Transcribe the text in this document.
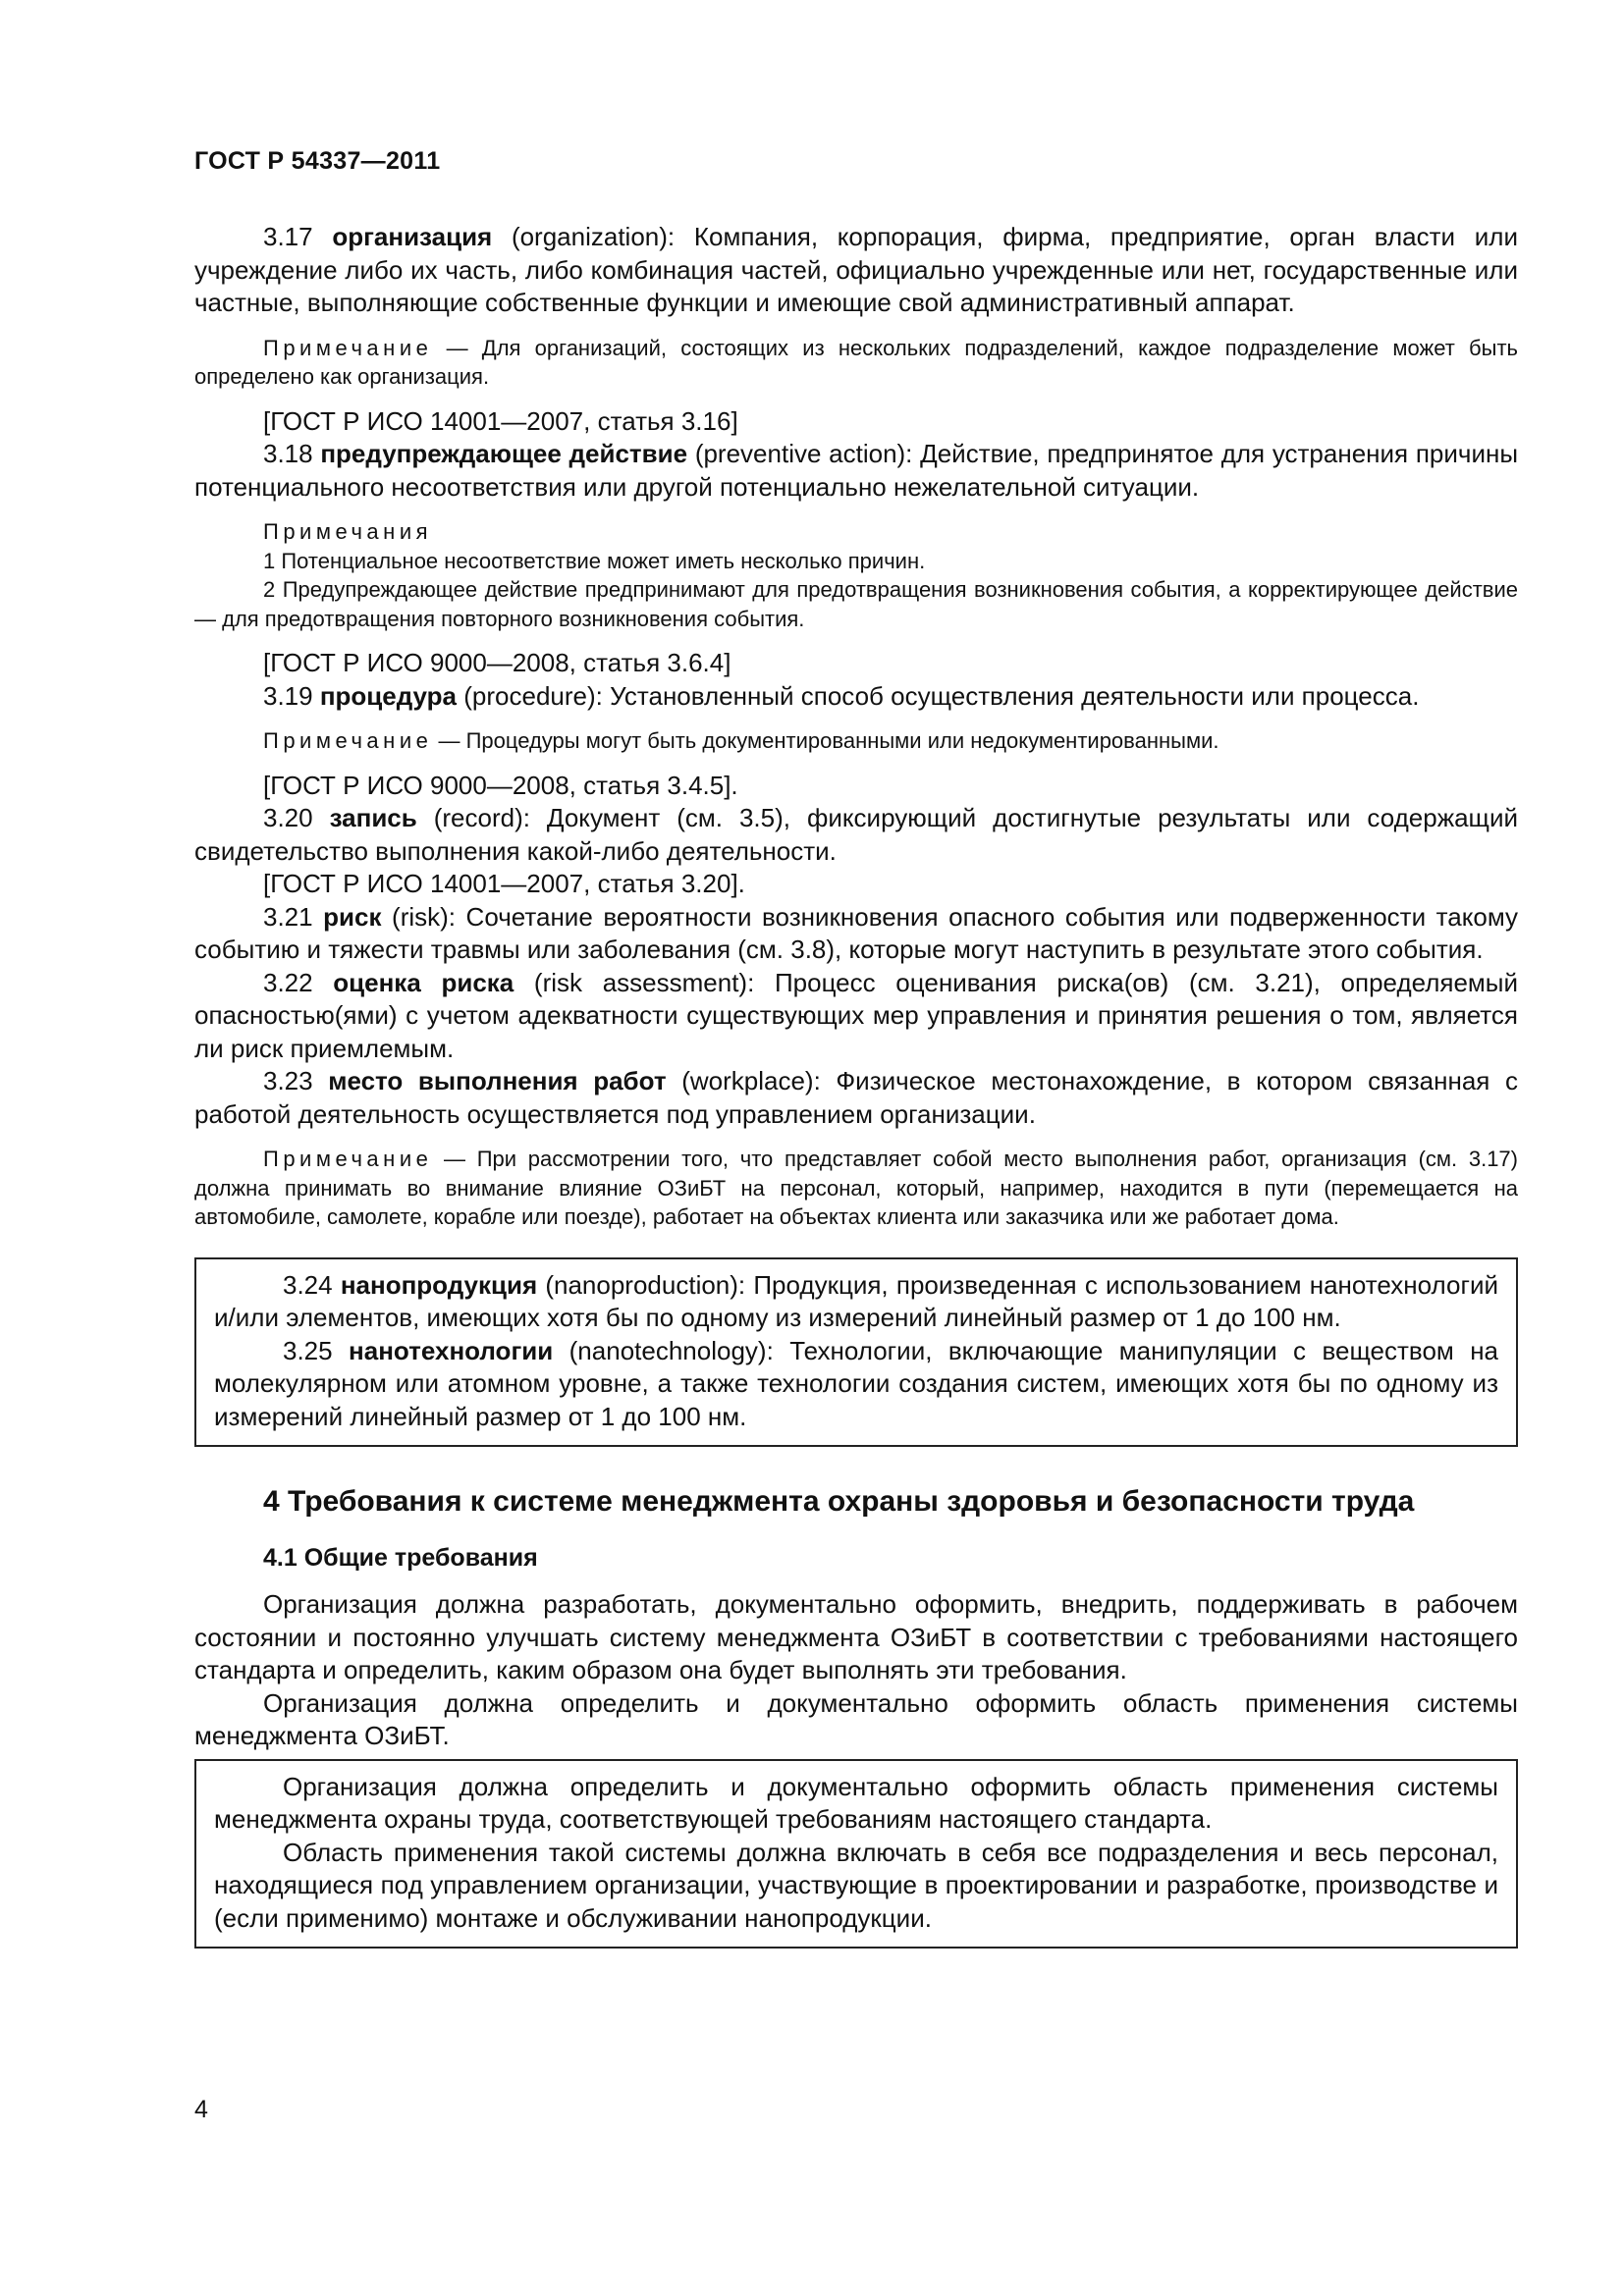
ГОСТ Р 54337—2011

3.17 организация (organization): Компания, корпорация, фирма, предприятие, орган власти или учреждение либо их часть, либо комбинация частей, официально учрежденные или нет, государственные или частные, выполняющие собственные функции и имеющие свой административный аппарат.

Примечание — Для организаций, состоящих из нескольких подразделений, каждое подразделение может быть определено как организация.

[ГОСТ Р ИСО 14001—2007, статья 3.16]

3.18 предупреждающее действие (preventive action): Действие, предпринятое для устранения причины потенциального несоответствия или другой потенциально нежелательной ситуации.

Примечания

1 Потенциальное несоответствие может иметь несколько причин.

2 Предупреждающее действие предпринимают для предотвращения возникновения события, а корректирующее действие — для предотвращения повторного возникновения события.

[ГОСТ Р ИСО 9000—2008, статья 3.6.4]

3.19 процедура (procedure): Установленный способ осуществления деятельности или процесса.

Примечание — Процедуры могут быть документированными или недокументированными.

[ГОСТ Р ИСО 9000—2008, статья 3.4.5].

3.20 запись (record): Документ (см. 3.5), фиксирующий достигнутые результаты или содержащий свидетельство выполнения какой-либо деятельности.

[ГОСТ Р ИСО 14001—2007, статья 3.20].

3.21 риск (risk): Сочетание вероятности возникновения опасного события или подверженности такому событию и тяжести травмы или заболевания (см. 3.8), которые могут наступить в результате этого события.

3.22 оценка риска (risk assessment): Процесс оценивания риска(ов) (см. 3.21), определяемый опасностью(ями) с учетом адекватности существующих мер управления и принятия решения о том, является ли риск приемлемым.

3.23 место выполнения работ (workplace): Физическое местонахождение, в котором связанная с работой деятельность осуществляется под управлением организации.

Примечание — При рассмотрении того, что представляет собой место выполнения работ, организация (см. 3.17) должна принимать во внимание влияние ОЗиБТ на персонал, который, например, находится в пути (перемещается на автомобиле, самолете, корабле или поезде), работает на объектах клиента или заказчика или же работает дома.

3.24 нанопродукция (nanoproduction): Продукция, произведенная с использованием нанотехнологий и/или элементов, имеющих хотя бы по одному из измерений линейный размер от 1 до 100 нм.

3.25 нанотехнологии (nanotechnology): Технологии, включающие манипуляции с веществом на молекулярном или атомном уровне, а также технологии создания систем, имеющих хотя бы по одному из измерений линейный размер от 1 до 100 нм.

4 Требования к системе менеджмента охраны здоровья и безопасности труда
4.1 Общие требования

Организация должна разработать, документально оформить, внедрить, поддерживать в рабочем состоянии и постоянно улучшать систему менеджмента ОЗиБТ в соответствии с требованиями настоящего стандарта и определить, каким образом она будет выполнять эти требования.

Организация должна определить и документально оформить область применения системы менеджмента ОЗиБТ.

Организация должна определить и документально оформить область применения системы менеджмента охраны труда, соответствующей требованиям настоящего стандарта.

Область применения такой системы должна включать в себя все подразделения и весь персонал, находящиеся под управлением организации, участвующие в проектировании и разработке, производстве и (если применимо) монтаже и обслуживании нанопродукции.

4
